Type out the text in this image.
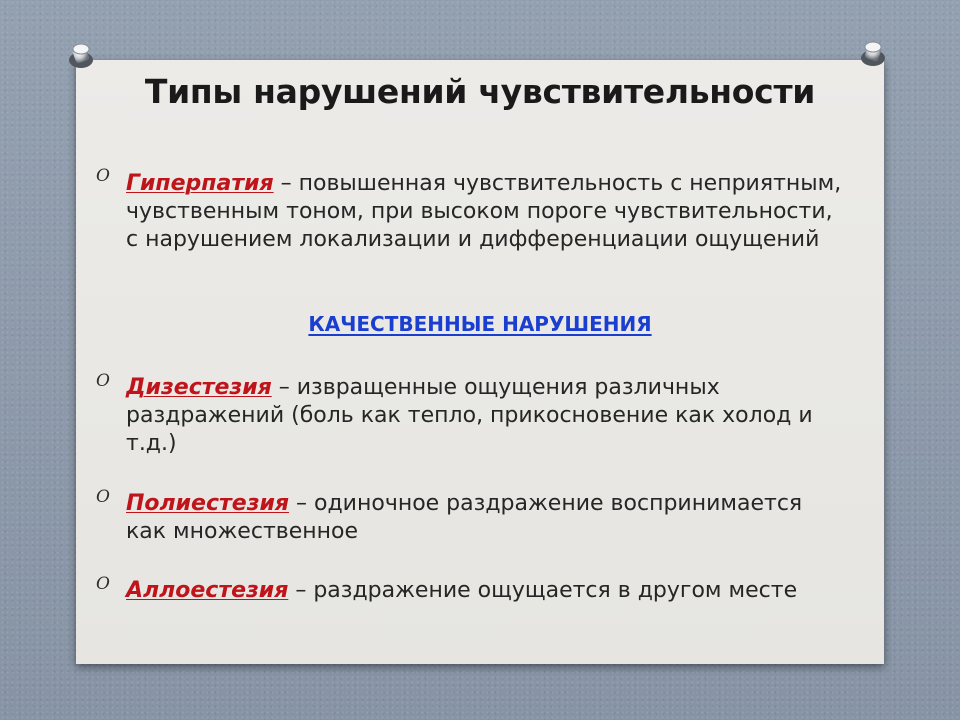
Типы нарушений чувствительности
O Гиперпатия – повышенная чувствительность с неприятным, чувственным тоном, при высоком пороге чувствительности, с нарушением локализации и дифференциации ощущений
КАЧЕСТВЕННЫЕ НАРУШЕНИЯ
O Дизестезия – извращенные ощущения различных раздражений (боль как тепло, прикосновение как холод и т.д.)
O Полиестезия – одиночное раздражение воспринимается как множественное
O Аллоестезия – раздражение ощущается в другом месте
